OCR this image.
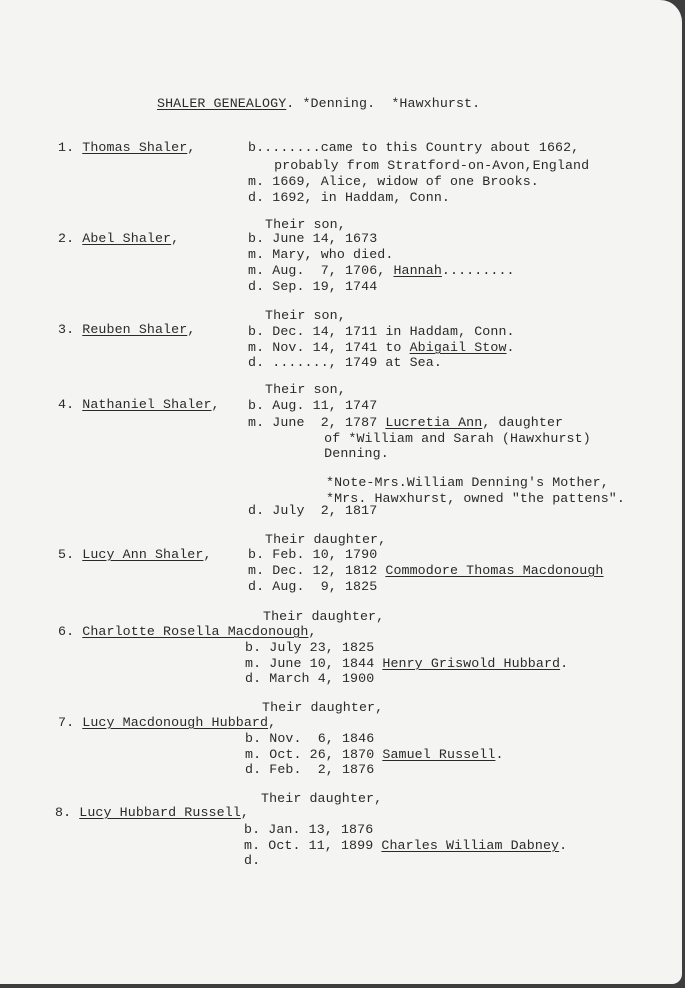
SHALER GENEALOGY. *Denning. *Hawxhurst.
1. Thomas Shaler,	b........came to this Country about 1662,
probably from Stratford-on-Avon,England
m. 1669, Alice, widow of one Brooks.
d. 1692, in Haddam, Conn.
Their son,
2. Abel Shaler,	b. June 14, 1673
m. Mary, who died.
m. Aug.  7, 1706, Hannah.........
d. Sep. 19, 1744
Their son,
3. Reuben Shaler,	b. Dec. 14, 1711 in Haddam, Conn.
m. Nov. 14, 1741 to Abigail Stow.
d. ......., 1749 at Sea.
Their son,
4. Nathaniel Shaler, b. Aug. 11, 1747
m. June  2, 1787 Lucretia Ann, daughter
of *William and Sarah (Hawxhurst)
Denning.
*Note-Mrs.William Denning's Mother,
*Mrs. Hawxhurst, owned "the pattens".
d. July  2, 1817
Their daughter,
5. Lucy Ann Shaler,	b. Feb. 10, 1790
m. Dec. 12, 1812 Commodore Thomas Macdonough
d. Aug.  9, 1825
Their daughter,
6. Charlotte Rosella Macdonough,
b. July 23, 1825
m. June 10, 1844 Henry Griswold Hubbard.
d. March 4, 1900
Their daughter,
7. Lucy Macdonough Hubbard,
b. Nov.  6, 1846
m. Oct. 26, 1870 Samuel Russell.
d. Feb.  2, 1876
Their daughter,
8. Lucy Hubbard Russell,
b. Jan. 13, 1876
m. Oct. 11, 1899 Charles William Dabney.
d.
